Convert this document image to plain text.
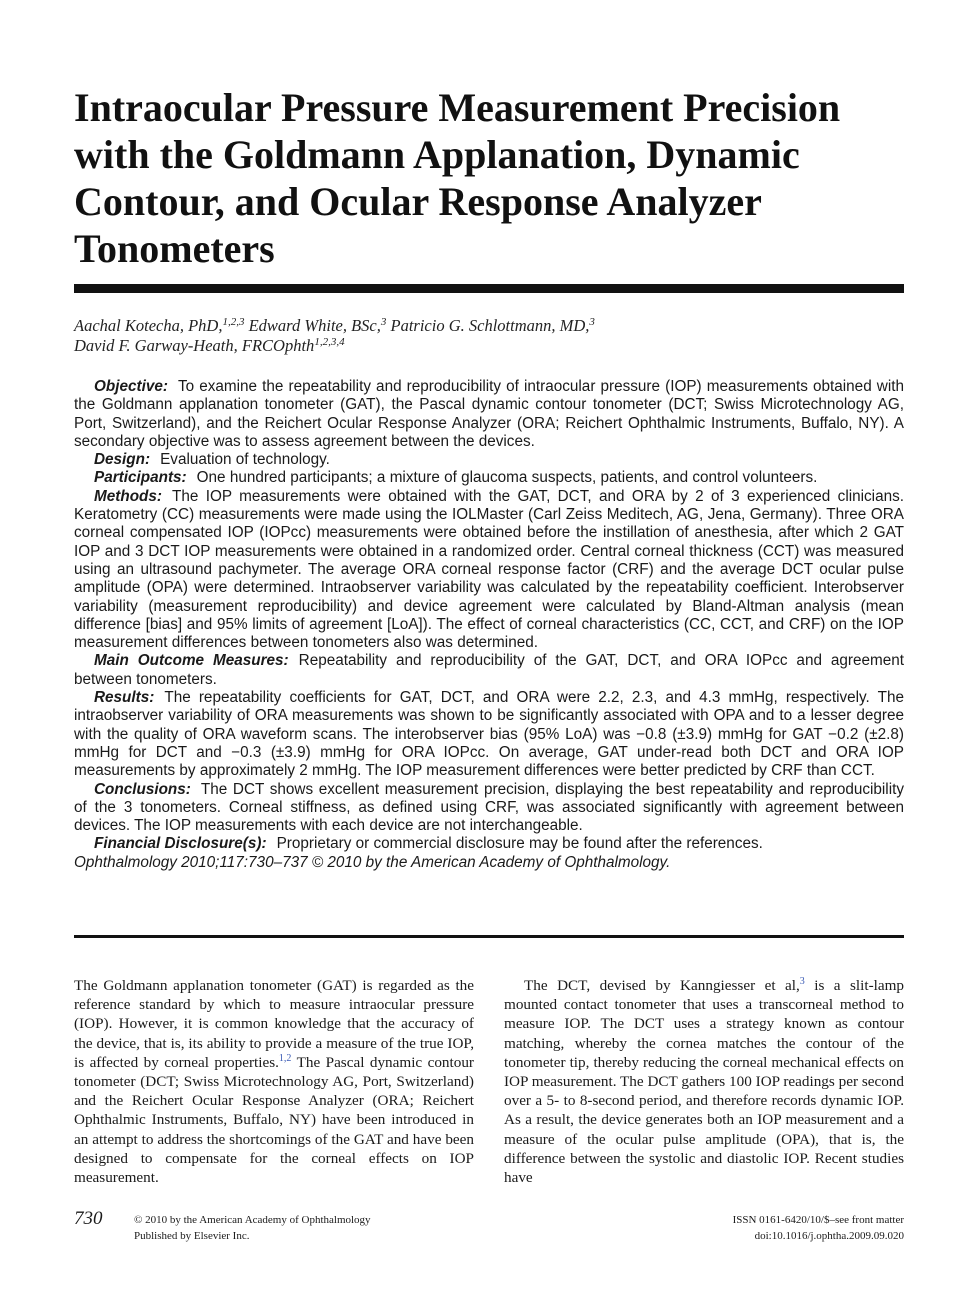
Intraocular Pressure Measurement Precision
with the Goldmann Applanation, Dynamic
Contour, and Ocular Response Analyzer
Tonometers
Aachal Kotecha, PhD,$^{1,2,3}$ Edward White, BSc,$^3$ Patricio G. Schlottmann, MD,$^3$
David F. Garway-Heath, FRCOphth$^{1,2,3,4}$

Objective: To examine the repeatability and reproducibility of intraocular pressure (IOP) measurements obtained with the Goldmann applanation tonometer (GAT), the Pascal dynamic contour tonometer (DCT; Swiss Microtechnology AG, Port, Switzerland), and the Reichert Ocular Response Analyzer (ORA; Reichert Ophthalmic Instruments, Buffalo, NY). A secondary objective was to assess agreement between the devices.

Design: Evaluation of technology.

Participants: One hundred participants; a mixture of glaucoma suspects, patients, and control volunteers.

Methods: The IOP measurements were obtained with the GAT, DCT, and ORA by 2 of 3 experienced clinicians. Keratometry (CC) measurements were made using the IOLMaster (Carl Zeiss Meditech, AG, Jena, Germany). Three ORA corneal compensated IOP (IOPcc) measurements were obtained before the instillation of anesthesia, after which 2 GAT IOP and 3 DCT IOP measurements were obtained in a randomized order. Central corneal thickness (CCT) was measured using an ultrasound pachymeter. The average ORA corneal response factor (CRF) and the average DCT ocular pulse amplitude (OPA) were determined. Intraobserver variability was calculated by the repeatability coefficient. Interobserver variability (measurement reproducibility) and device agreement were calculated by Bland-Altman analysis (mean difference [bias] and 95% limits of agreement [LoA]). The effect of corneal characteristics (CC, CCT, and CRF) on the IOP measurement differences between tonometers also was determined.

Main Outcome Measures: Repeatability and reproducibility of the GAT, DCT, and ORA IOPcc and agreement between tonometers.

Results: The repeatability coefficients for GAT, DCT, and ORA were 2.2, 2.3, and 4.3 mmHg, respectively. The intraobserver variability of ORA measurements was shown to be significantly associated with OPA and to a lesser degree with the quality of ORA waveform scans. The interobserver bias (95% LoA) was −0.8 (±3.9) mmHg for GAT −0.2 (±2.8) mmHg for DCT and −0.3 (±3.9) mmHg for ORA IOPcc. On average, GAT under-read both DCT and ORA IOP measurements by approximately 2 mmHg. The IOP measurement differences were better predicted by CRF than CCT.

Conclusions: The DCT shows excellent measurement precision, displaying the best repeatability and reproducibility of the 3 tonometers. Corneal stiffness, as defined using CRF, was associated significantly with agreement between devices. The IOP measurements with each device are not interchangeable.

Financial Disclosure(s): Proprietary or commercial disclosure may be found after the references.

Ophthalmology 2010;117:730–737 © 2010 by the American Academy of Ophthalmology.

The Goldmann applanation tonometer (GAT) is regarded as the reference standard by which to measure intraocular pressure (IOP). However, it is common knowledge that the accuracy of the device, that is, its ability to provide a measure of the true IOP, is affected by corneal properties.$^{1,2}$ The Pascal dynamic contour tonometer (DCT; Swiss Microtechnology AG, Port, Switzerland) and the Reichert Ocular Response Analyzer (ORA; Reichert Ophthalmic Instruments, Buffalo, NY) have been introduced in an attempt to address the shortcomings of the GAT and have been designed to compensate for the corneal effects on IOP measurement.

The DCT, devised by Kanngiesser et al,$^3$ is a slit-lamp mounted contact tonometer that uses a transcorneal method to measure IOP. The DCT uses a strategy known as contour matching, whereby the cornea matches the contour of the tonometer tip, thereby reducing the corneal mechanical effects on IOP measurement. The DCT gathers 100 IOP readings per second over a 5- to 8-second period, and therefore records dynamic IOP. As a result, the device generates both an IOP measurement and a measure of the ocular pulse amplitude (OPA), that is, the difference between the systolic and diastolic IOP. Recent studies have

730	© 2010 by the American Academy of Ophthalmology
Published by Elsevier Inc.
ISSN 0161-6420/10/$–see front matter
doi:10.1016/j.ophtha.2009.09.020
